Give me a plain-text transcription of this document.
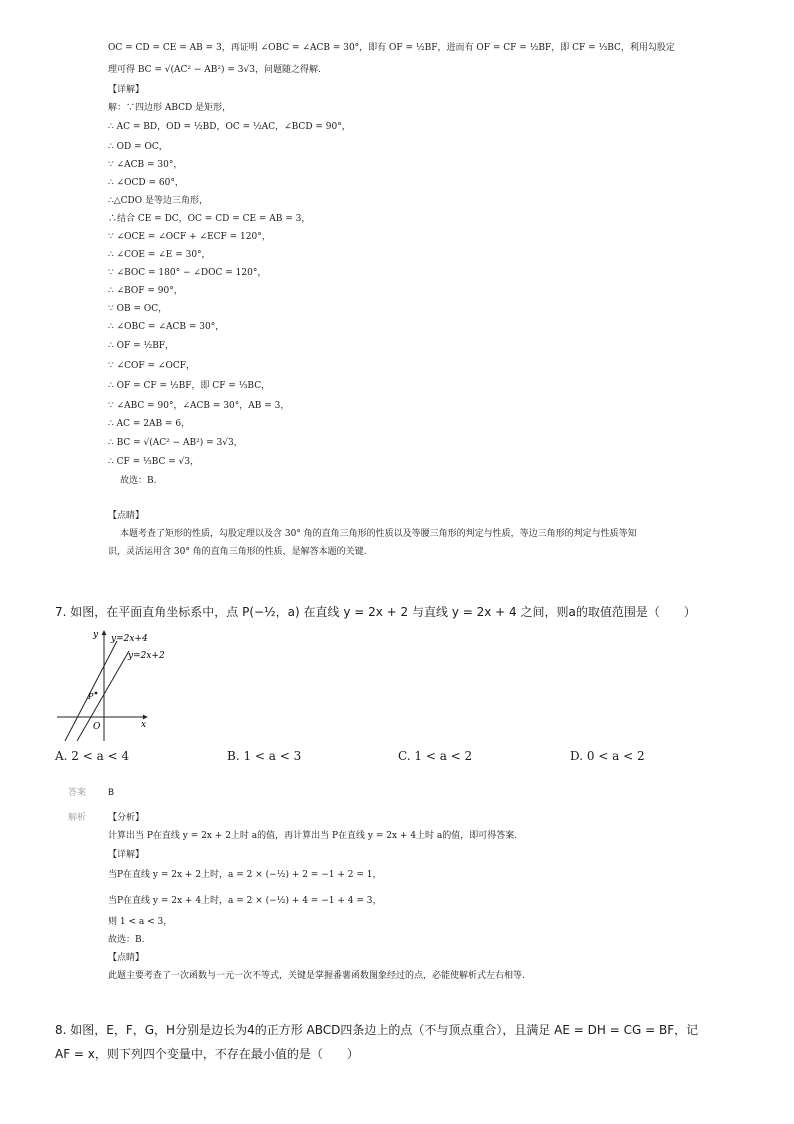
OC = CD = CE = AB = 3，再证明 ∠OBC = ∠ACB = 30°，即有 OF = ½BF，进而有 OF = CF = ½BF，即 CF = ⅓BC，利用勾股定
理可得 BC = √(AC² − AB²) = 3√3，问题随之得解.
【详解】
解：∵四边形 ABCD 是矩形，
∴ AC = BD，OD = ½BD，OC = ½AC，∠BCD = 90°，
∴ OD = OC，
∵ ∠ACB = 30°，
∴ ∠OCD = 60°，
∴△CDO 是等边三角形，
∴结合 CE = DC，OC = CD = CE = AB = 3，
∵ ∠OCE = ∠OCF + ∠ECF = 120°，
∴ ∠COE = ∠E = 30°，
∵ ∠BOC = 180° − ∠DOC = 120°，
∴ ∠BOF = 90°，
∵ OB = OC，
∴ ∠OBC = ∠ACB = 30°，
∴ OF = ½BF，
∵ ∠COF = ∠OCF，
∴ OF = CF = ½BF，即 CF = ⅓BC，
∵ ∠ABC = 90°，∠ACB = 30°，AB = 3，
∴ AC = 2AB = 6，
∴ BC = √(AC² − AB²) = 3√3，
∴ CF = ⅓BC = √3，
故选：B.
【点睛】
本题考查了矩形的性质，勾股定理以及含 30° 角的直角三角形的性质以及等腰三角形的判定与性质，等边三角形的判定与性质等知
识，灵活运用含 30° 角的直角三角形的性质，是解答本题的关键.
7. 如图，在平面直角坐标系中，点 P(−½，a) 在直线 y = 2x + 2 与直线 y = 2x + 4 之间，则a的取值范围是（　　）
y
x
O
P
y=2x+4
y=2x+2
A. 2 < a < 4	B. 1 < a < 3	C. 1 < a < 2	D. 0 < a < 2
答案 B
解析 【分析】
计算出当 P在直线 y = 2x + 2上时 a的值，再计算出当 P在直线 y = 2x + 4上时 a的值，即可得答案.
【详解】
当P在直线 y = 2x + 2上时，a = 2 × (−½) + 2 = −1 + 2 = 1，
当P在直线 y = 2x + 4上时，a = 2 × (−½) + 4 = −1 + 4 = 3，
则 1 < a < 3，
故选：B.
【点睛】
此题主要考查了一次函数与一元一次不等式，关键是掌握番薯函数图象经过的点，必能使解析式左右相等.
8. 如图，E，F，G，H分别是边长为4的正方形 ABCD四条边上的点（不与顶点重合），且满足 AE = DH = CG = BF，记
AF = x，则下列四个变量中，不存在最小值的是（　　）
